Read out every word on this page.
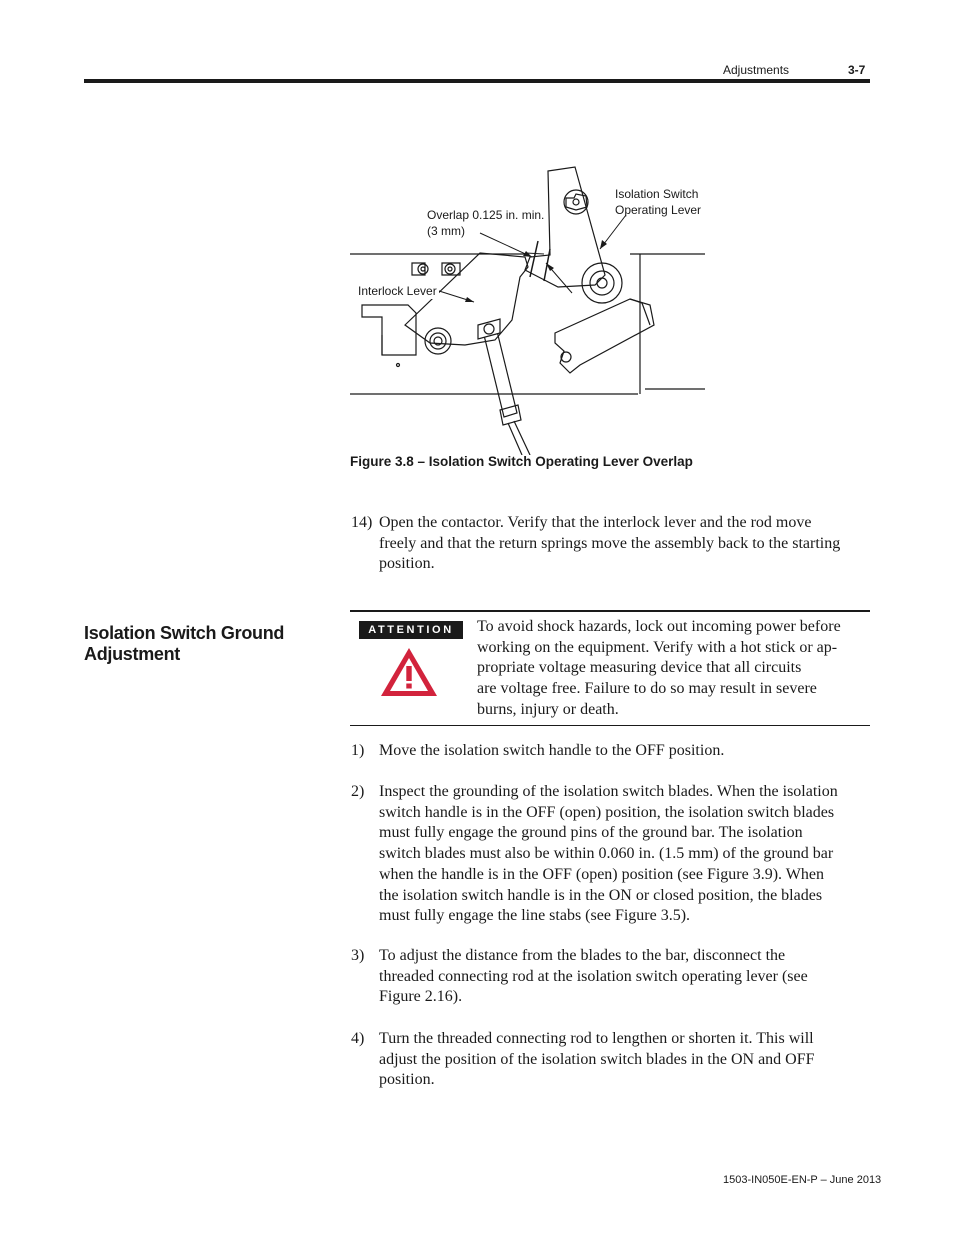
Adjustments	3-7
Overlap 0.125 in. min.
(3 mm)
Isolation Switch
Operating Lever
Interlock Lever
Figure 3.8 – Isolation Switch Operating Lever Overlap
14) Open the contactor. Verify that the interlock lever and the rod move
freely and that the return springs move the assembly back to the starting
position.
Isolation Switch Ground
Adjustment
ATTENTION	To avoid shock hazards, lock out incoming power before
working on the equipment. Verify with a hot stick or ap-
propriate voltage measuring device that all circuits
are voltage free. Failure to do so may result in severe
burns, injury or death.
1) Move the isolation switch handle to the OFF position.
2) Inspect the grounding of the isolation switch blades. When the isolation
switch handle is in the OFF (open) position, the isolation switch blades
must fully engage the ground pins of the ground bar. The isolation
switch blades must also be within 0.060 in. (1.5 mm) of the ground bar
when the handle is in the OFF (open) position (see Figure 3.9). When
the isolation switch handle is in the ON or closed position, the blades
must fully engage the line stabs (see Figure 3.5).
3) To adjust the distance from the blades to the bar, disconnect the
threaded connecting rod at the isolation switch operating lever (see
Figure 2.16).
4) Turn the threaded connecting rod to lengthen or shorten it. This will
adjust the position of the isolation switch blades in the ON and OFF
position.
1503-IN050E-EN-P – June 2013
